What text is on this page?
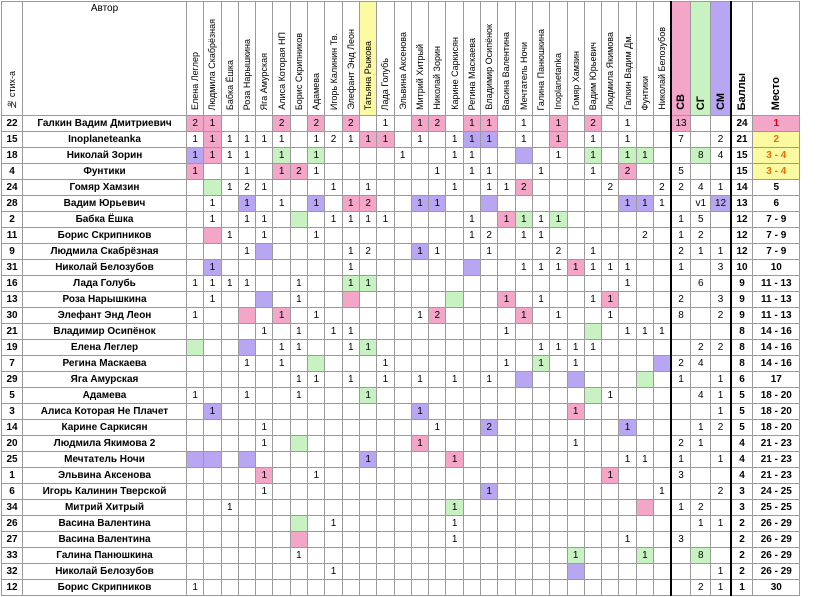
№ стих-а	Автор	Елена Леглер	Людмила Скабрёзная	Бабка Ёшка	Роза Нарышкина	Яга Амурская	Алиса Которая НП	Борис Скрипников	Адамева	Игорь Калинин Тв.	Элефант Энд Леон	Татьяна Рыжова	Лада Голубь	Эльвина Аксенова	Митрий Хитрый	Николай Зорин	Карине Саркисян	Регина Маскаева	Владимир Осипёнок	Васина Валентина	Мечтатель Ночи	Галина Панюшкина	Inoplanetanka	Гомяр Хамзин	Вадим Юрьевич	Людмила Якимова	Галкин Вадим Дм.	Фунтики	Николай Белозубов	СВ	СГ	СМ	Баллы	Место
22	Галкин Вадим Дмитриевич	2	1				2		2		2		1		1	2		1	1		1		1		2		1			13			24	1
15	Inoplaneteanka	1	1	1	1	1	1		1	2	1	1	1		1		1	1	1		1		1		1		1			7		2	21	2
18	Николай Зорин	1	1	1	1		1		1					1			1	1					1		1		1	1			8	4	15	3 - 4
4	Фунтики	1			1		1	2	1							1		1	1			1			1		2			5			15	3 - 4
24	Гомяр Хамзин			1	2	1				1		1					1		1	1	2					2			2	2	4	1	14	5
28	Вадим Юрьевич		1		1		1		1		1	2			1	1											1	1	1		v1	12	13	6
2	Бабка Ёшка		1		1	1				1	1	1	1					1		1	1	1	1							1	5		12	7 - 9
11	Борис Скрипников			1		1			1									1	2		1	1						2		1	2		12	7 - 9
9	Людмила Скабрёзная				1						1	2			1	1			1				2		1					2	1	1	12	7 - 9
31	Николай Белозубов		1								1										1	1	1	1	1	1	1			1		3	10	10
16	Лада Голубь	1	1	1	1			1			1	1															1				6		9	11 - 13
13	Роза Нарышкина		1					1												1		1			1	1				2		3	9	11 - 13
30	Элефант Энд Леон	1					1		1						1	2					1		1			1				8		2	9	11 - 13
21	Владимир Осипёнок					1		1		1	1									1							1	1	1				8	14 - 16
19	Елена Леглер						1	1			1	1										1	1	1	1						2	2	8	14 - 16
7	Регина Маскаева				1		1						1							1		1		1						2	4		8	14 - 16
29	Яга Амурская							1	1		1		1		1		1		1											1		1	6	17
5	Адамева	1			1			1				1														1					4	1	5	18 - 20
3	Алиса Которая Не Плачет		1												1									1								1	5	18 - 20
14	Карине Саркисян					1										1			2								1				1	2	5	18 - 20
20	Людмила Якимова 2					1									1									1						2	1		4	21 - 23
25	Мечтатель Ночи											1					1										1	1		1		1	4	21 - 23
1	Эльвина Аксенова					1			1																	1				3			4	21 - 23
6	Игорь Калинин Тверской					1													1										1			2	3	24 - 25
34	Митрий Хитрый			1													1													1	2		3	25 - 25
26	Васина Валентина									1							1														1	1	2	26 - 29
27	Васина Валентина																1										1			3			2	26 - 29
33	Галина Панюшкина							1																1				1			8		2	26 - 29
32	Николай Белозубов									1																						1	2	26 - 29
12	Борис Скрипников	1																													2	1	1	30
